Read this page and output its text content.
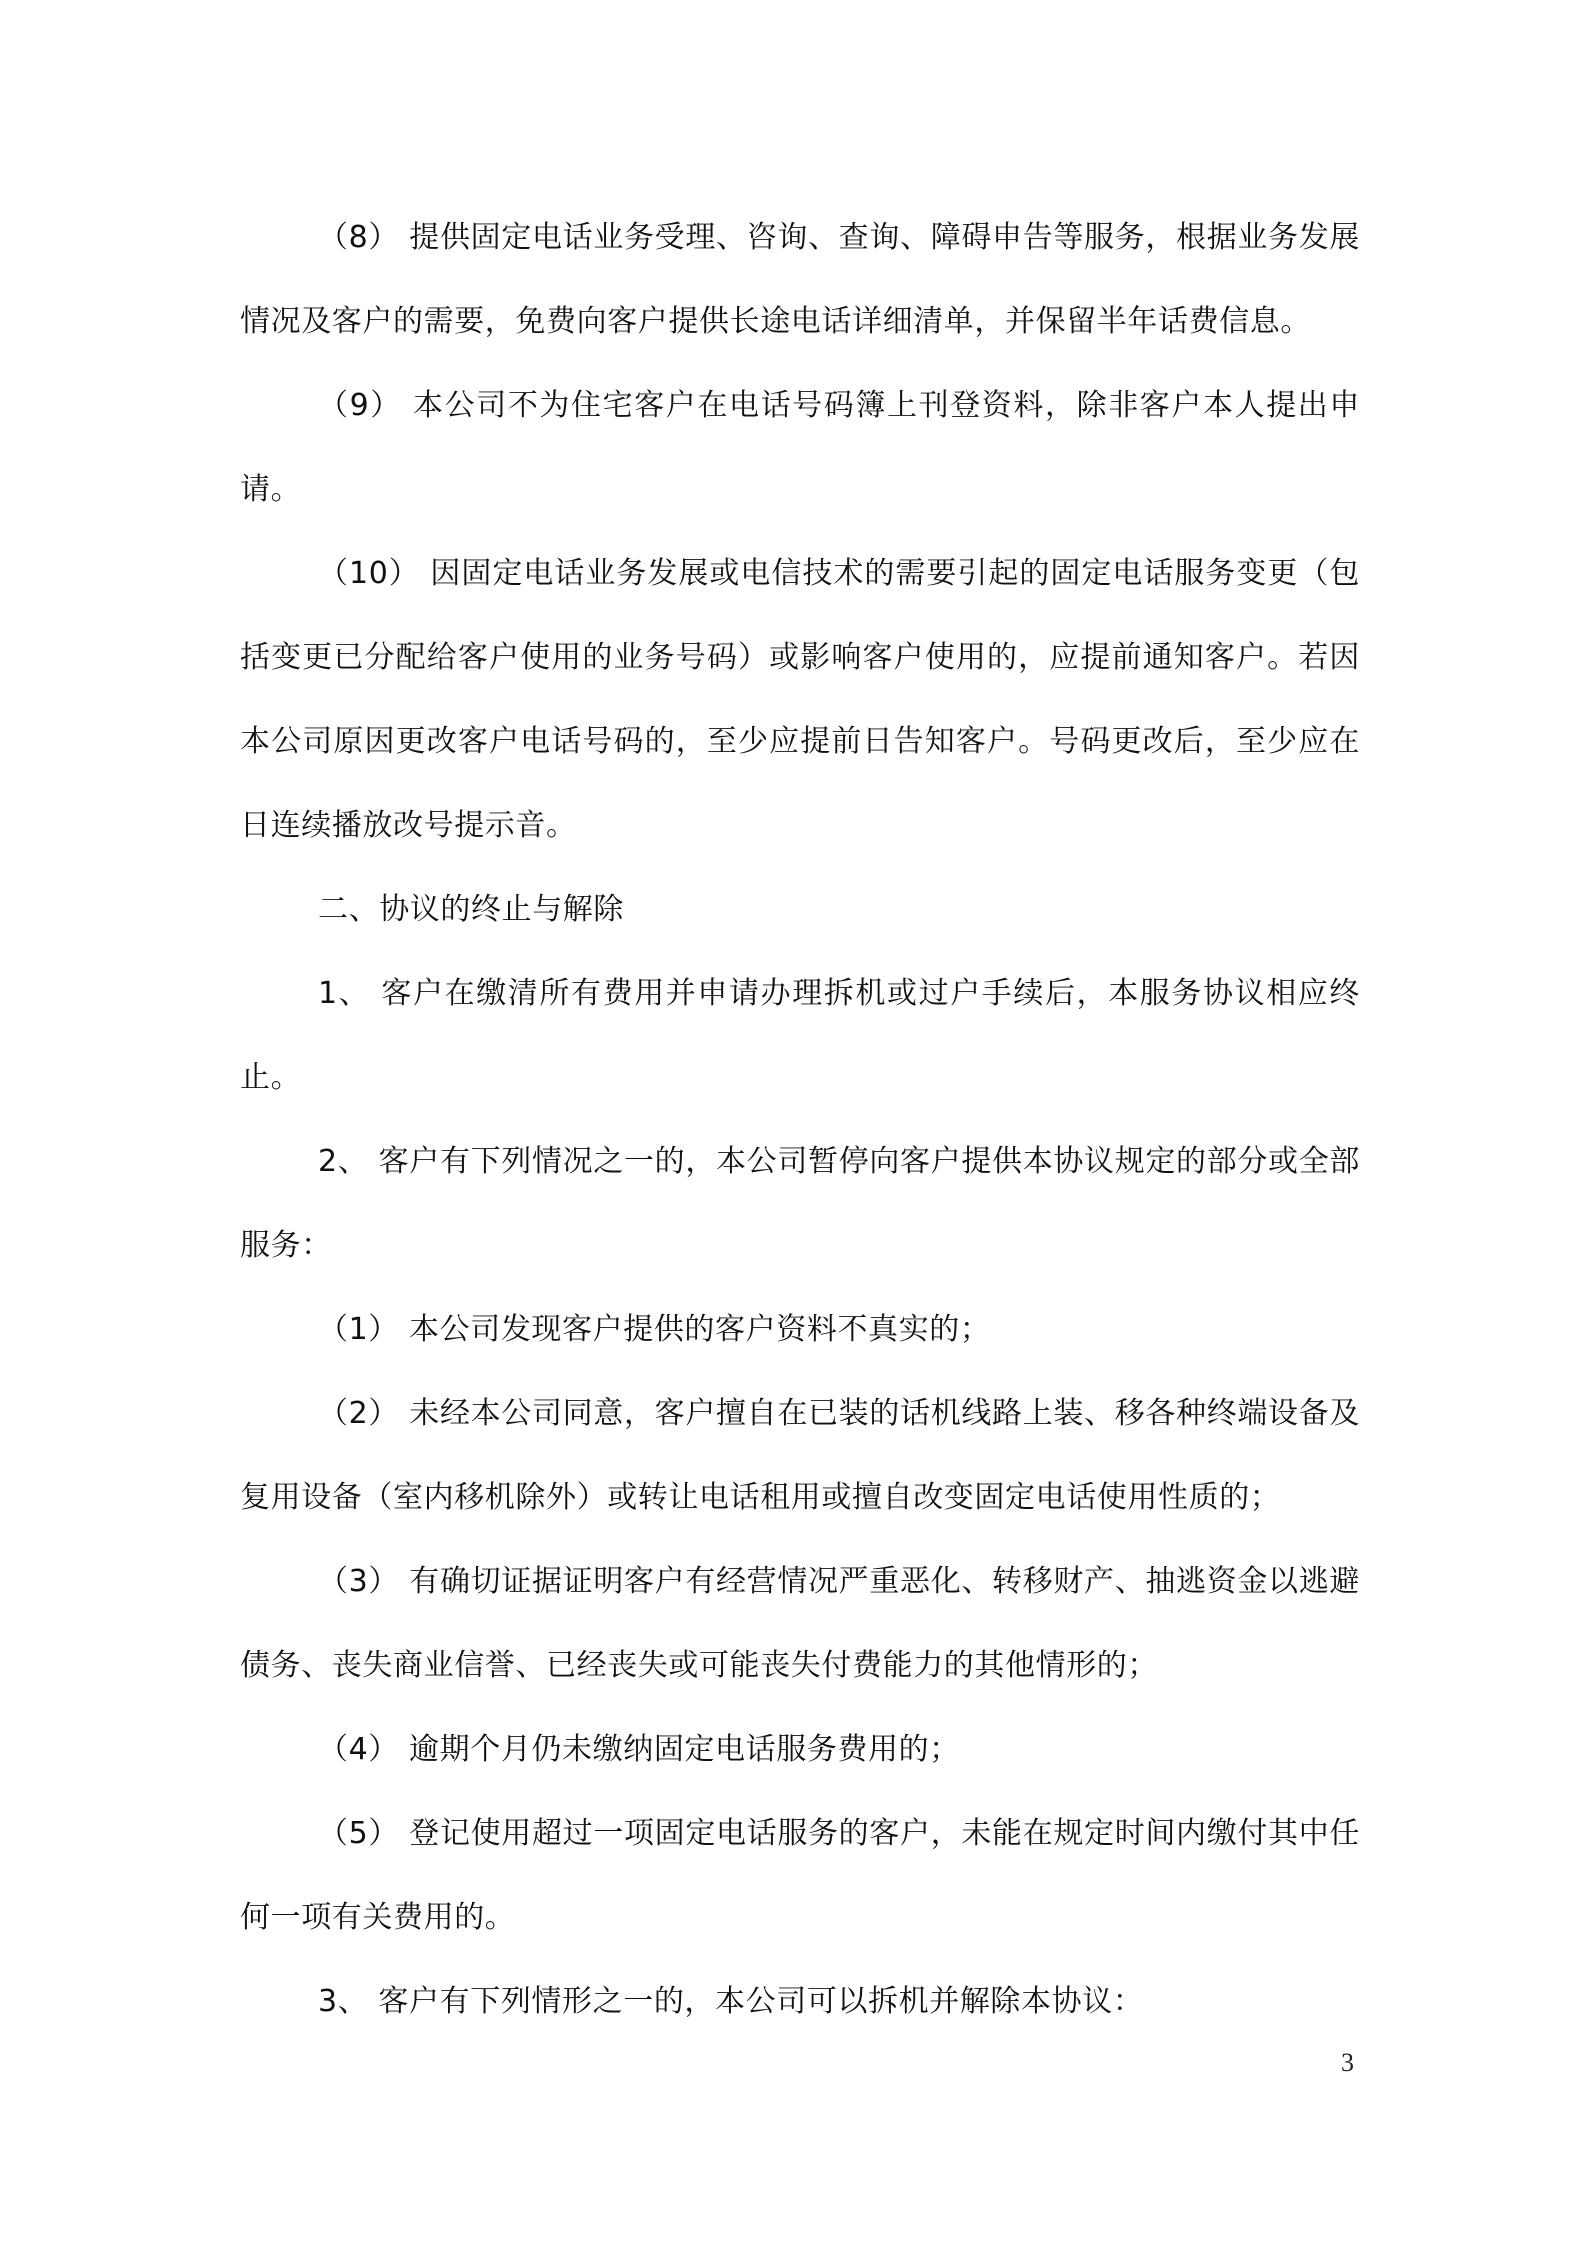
（8） 提供固定电话业务受理、咨询、查询、障碍申告等服务，根据业务发展情况及客户的需要，免费向客户提供长途电话详细清单，并保留半年话费信息。

（9） 本公司不为住宅客户在电话号码簿上刊登资料，除非客户本人提出申请。

（10） 因固定电话业务发展或电信技术的需要引起的固定电话服务变更（包括变更已分配给客户使用的业务号码）或影响客户使用的，应提前通知客户。若因本公司原因更改客户电话号码的，至少应提前日告知客户。号码更改后，至少应在日连续播放改号提示音。

二、协议的终止与解除

1、 客户在缴清所有费用并申请办理拆机或过户手续后，本服务协议相应终止。

2、 客户有下列情况之一的，本公司暂停向客户提供本协议规定的部分或全部服务：

（1） 本公司发现客户提供的客户资料不真实的；

（2） 未经本公司同意，客户擅自在已装的话机线路上装、移各种终端设备及复用设备（室内移机除外）或转让电话租用或擅自改变固定电话使用性质的；

（3） 有确切证据证明客户有经营情况严重恶化、转移财产、抽逃资金以逃避债务、丧失商业信誉、已经丧失或可能丧失付费能力的其他情形的；

（4） 逾期个月仍未缴纳固定电话服务费用的；

（5） 登记使用超过一项固定电话服务的客户，未能在规定时间内缴付其中任何一项有关费用的。

3、 客户有下列情形之一的，本公司可以拆机并解除本协议：

3
